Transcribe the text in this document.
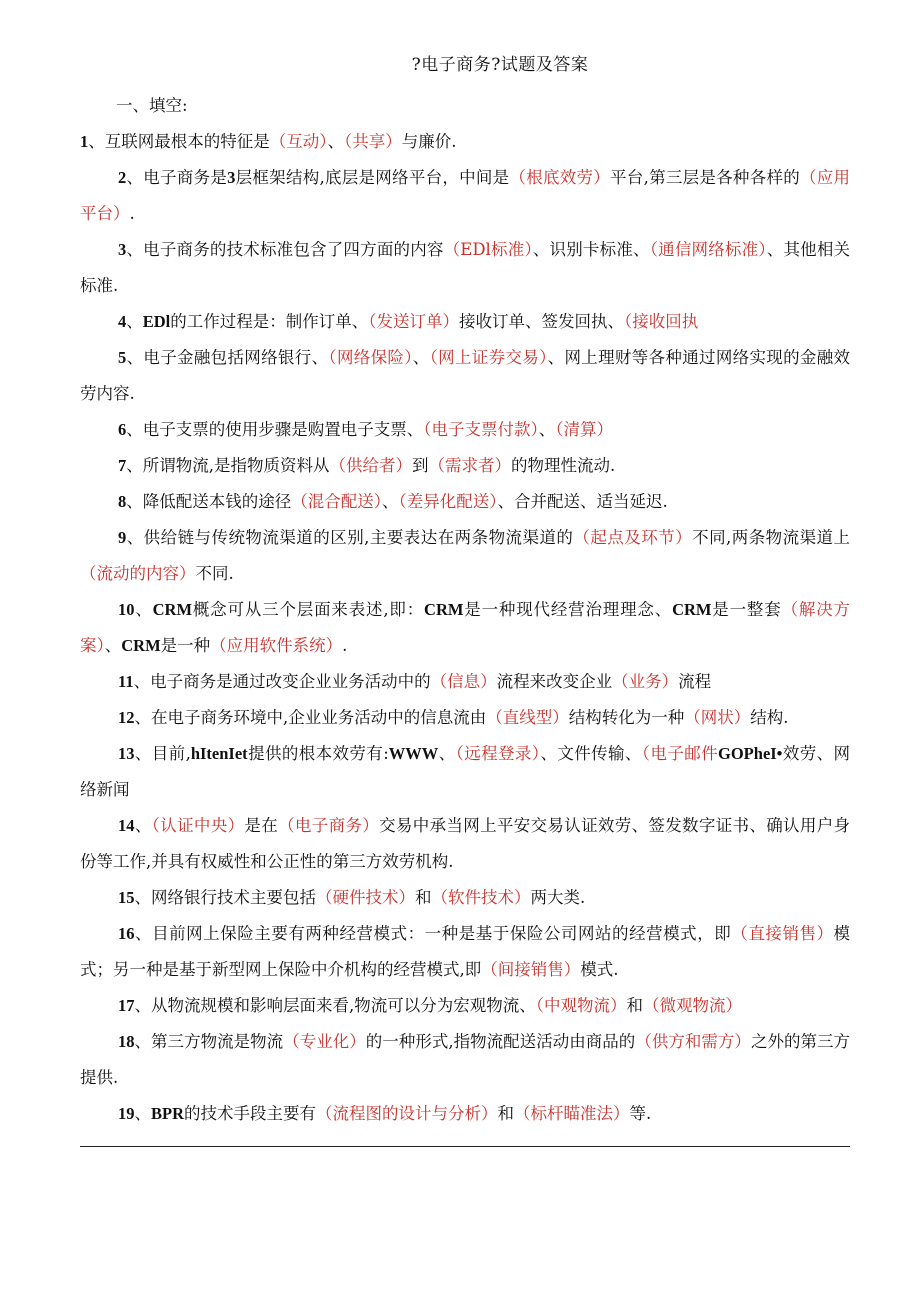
?电子商务?试题及答案

一、填空:

1、互联网最根本的特征是（互动）、（共享）与廉价.

2、电子商务是3层框架结构,底层是网络平台，中间是（根底效劳）平台,第三层是各种各样的（应用平台）.

3、电子商务的技术标准包含了四方面的内容（EDl标准）、识别卡标准、（通信网络标准）、其他相关标准.

4、EDl的工作过程是：制作订单、（发送订单）接收订单、签发回执、（接收回执

5、电子金融包括网络银行、（网络保险）、（网上证券交易）、网上理财等各种通过网络实现的金融效劳内容.

6、电子支票的使用步骤是购置电子支票、（电子支票付款）、（清算）

7、所谓物流,是指物质资料从（供给者）到（需求者）的物理性流动.

8、降低配送本钱的途径（混合配送）、（差异化配送）、合并配送、适当延迟.

9、供给链与传统物流渠道的区别,主要表达在两条物流渠道的（起点及环节）不同,两条物流渠道上（流动的内容）不同.

10、CRM概念可从三个层面来表述,即：CRM是一种现代经营治理理念、CRM是一整套（解决方案）、CRM是一种（应用软件系统）.

11、电子商务是通过改变企业业务活动中的（信息）流程来改变企业（业务）流程

12、在电子商务环境中,企业业务活动中的信息流由（直线型）结构转化为一种（网状）结构.

13、目前,hItenIet提供的根本效劳有:WWW、（远程登录）、文件传输、（电子邮件GOPheI•效劳、网络新闻

14、（认证中央）是在（电子商务）交易中承当网上平安交易认证效劳、签发数字证书、确认用户身份等工作,并具有权威性和公正性的第三方效劳机构.

15、网络银行技术主要包括（硬件技术）和（软件技术）两大类.

16、目前网上保险主要有两种经营模式：一种是基于保险公司网站的经营模式，即（直接销售）模式；另一种是基于新型网上保险中介机构的经营模式,即（间接销售）模式.

17、从物流规模和影响层面来看,物流可以分为宏观物流、（中观物流）和（微观物流）

18、第三方物流是物流（专业化）的一种形式,指物流配送活动由商品的（供方和需方）之外的第三方提供.

19、BPR的技术手段主要有（流程图的设计与分析）和（标杆瞄准法）等.
